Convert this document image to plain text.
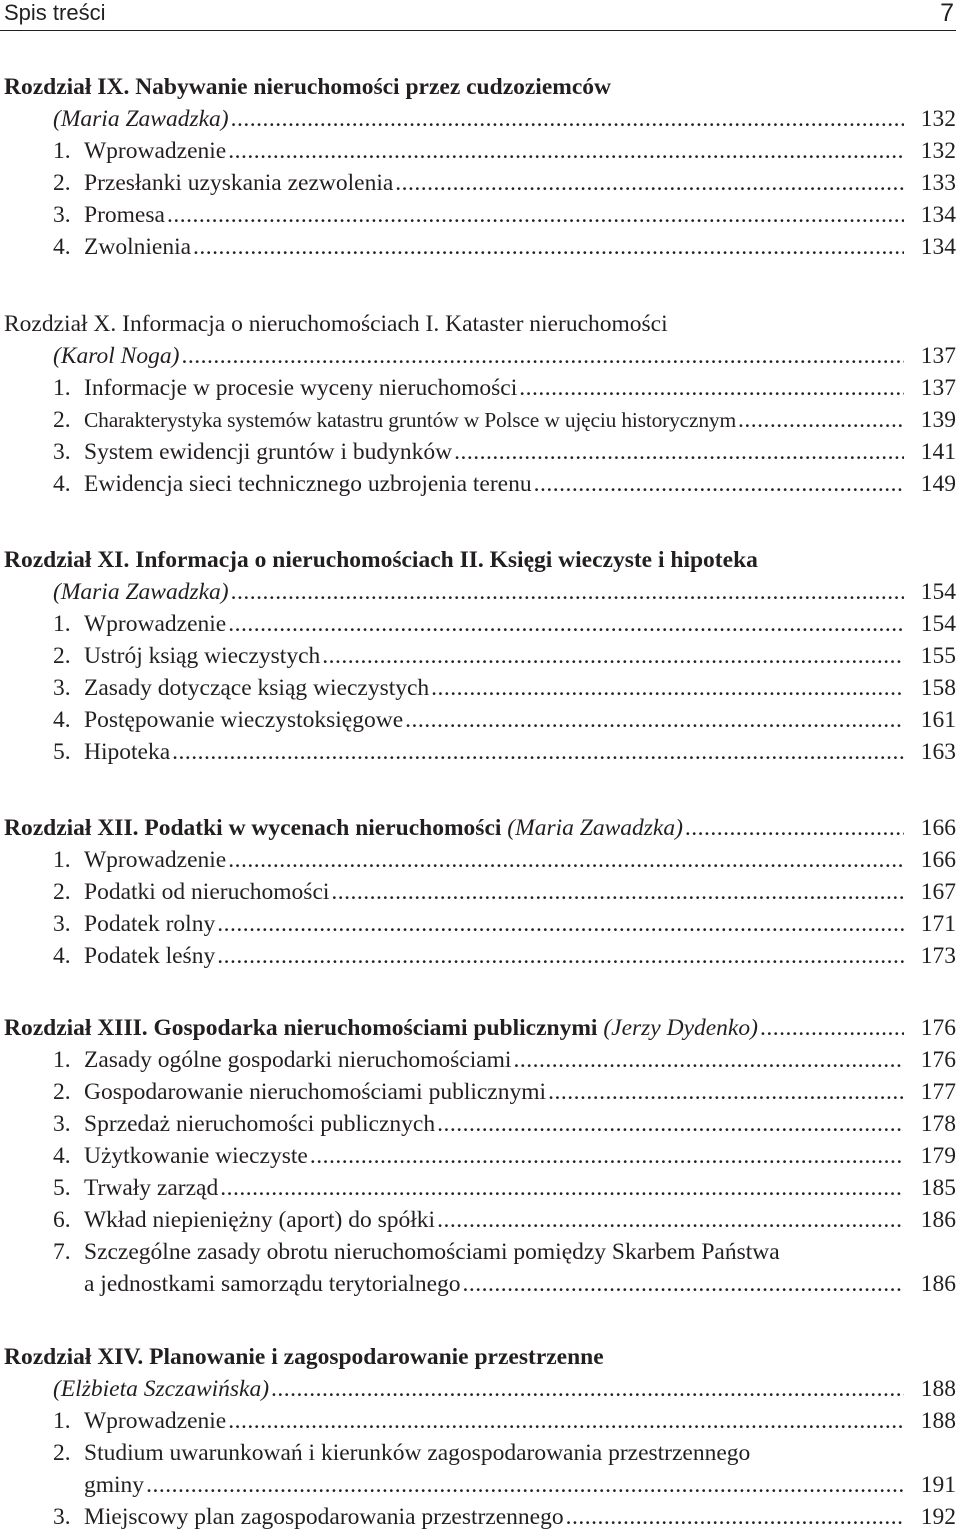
Spis treści	7
Rozdział IX. Nabywanie nieruchomości przez cudzoziemców
(Maria Zawadzka) .....	132
1. Wprowadzenie .....	132
2. Przesłanki uzyskania zezwolenia .....	133
3. Promesa .....	134
4. Zwolnienia .....	134
Rozdział X. Informacja o nieruchomościach I. Kataster nieruchomości
(Karol Noga) .....	137
1. Informacje w procesie wyceny nieruchomości .....	137
2. Charakterystyka systemów katastru gruntów w Polsce w ujęciu historycznym .....	139
3. System ewidencji gruntów i budynków .....	141
4. Ewidencja sieci technicznego uzbrojenia terenu .....	149
Rozdział XI. Informacja o nieruchomościach II. Księgi wieczyste i hipoteka
(Maria Zawadzka) .....	154
1. Wprowadzenie .....	154
2. Ustrój ksiąg wieczystych .....	155
3. Zasady dotyczące ksiąg wieczystych .....	158
4. Postępowanie wieczystoksięgowe .....	161
5. Hipoteka .....	163
Rozdział XII. Podatki w wycenach nieruchomości (Maria Zawadzka) .....	166
1. Wprowadzenie .....	166
2. Podatki od nieruchomości .....	167
3. Podatek rolny .....	171
4. Podatek leśny .....	173
Rozdział XIII. Gospodarka nieruchomościami publicznymi (Jerzy Dydenko) .....	176
1. Zasady ogólne gospodarki nieruchomościami .....	176
2. Gospodarowanie nieruchomościami publicznymi .....	177
3. Sprzedaż nieruchomości publicznych .....	178
4. Użytkowanie wieczyste .....	179
5. Trwały zarząd .....	185
6. Wkład niepieniężny (aport) do spółki .....	186
7. Szczególne zasady obrotu nieruchomościami pomiędzy Skarbem Państwa
a jednostkami samorządu terytorialnego .....	186
Rozdział XIV. Planowanie i zagospodarowanie przestrzenne
(Elżbieta Szczawińska) .....	188
1. Wprowadzenie .....	188
2. Studium uwarunkowań i kierunków zagospodarowania przestrzennego
gminy .....	191
3. Miejscowy plan zagospodarowania przestrzennego .....	192
